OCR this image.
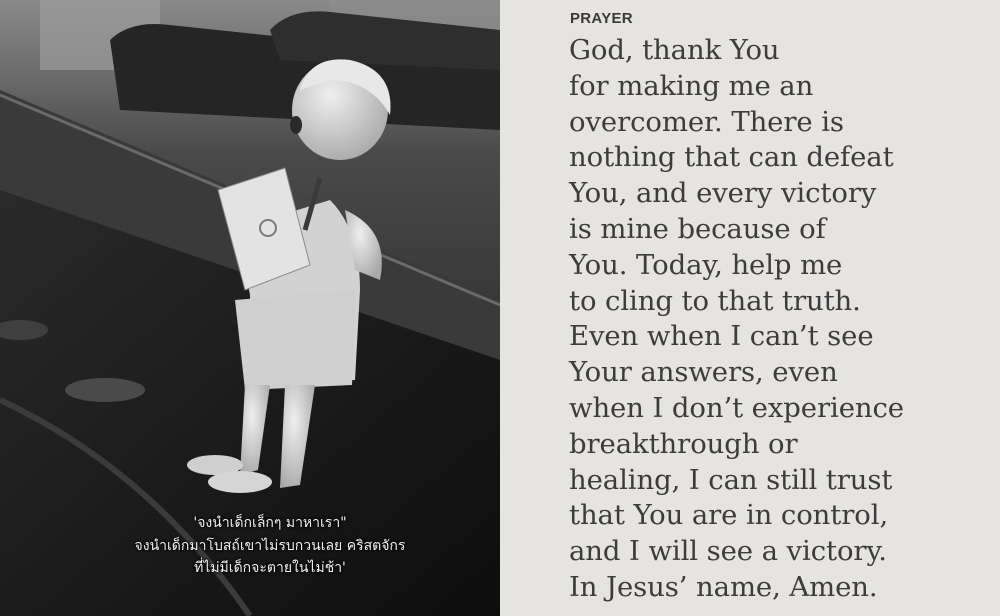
'จงนำเด็กเล็กๆ มาหาเรา"
จงนำเด็กมาโบสถ์เขาไม่รบกวนเลย คริสตจักร
ที่ไม่มีเด็กจะตายในไม่ช้า'
PRAYER
God, thank You
for making me an
overcomer. There is
nothing that can defeat
You, and every victory
is mine because of
You. Today, help me
to cling to that truth.
Even when I can’t see
Your answers, even
when I don’t experience
breakthrough or
healing, I can still trust
that You are in control,
and I will see a victory.
In Jesus’ name, Amen.
